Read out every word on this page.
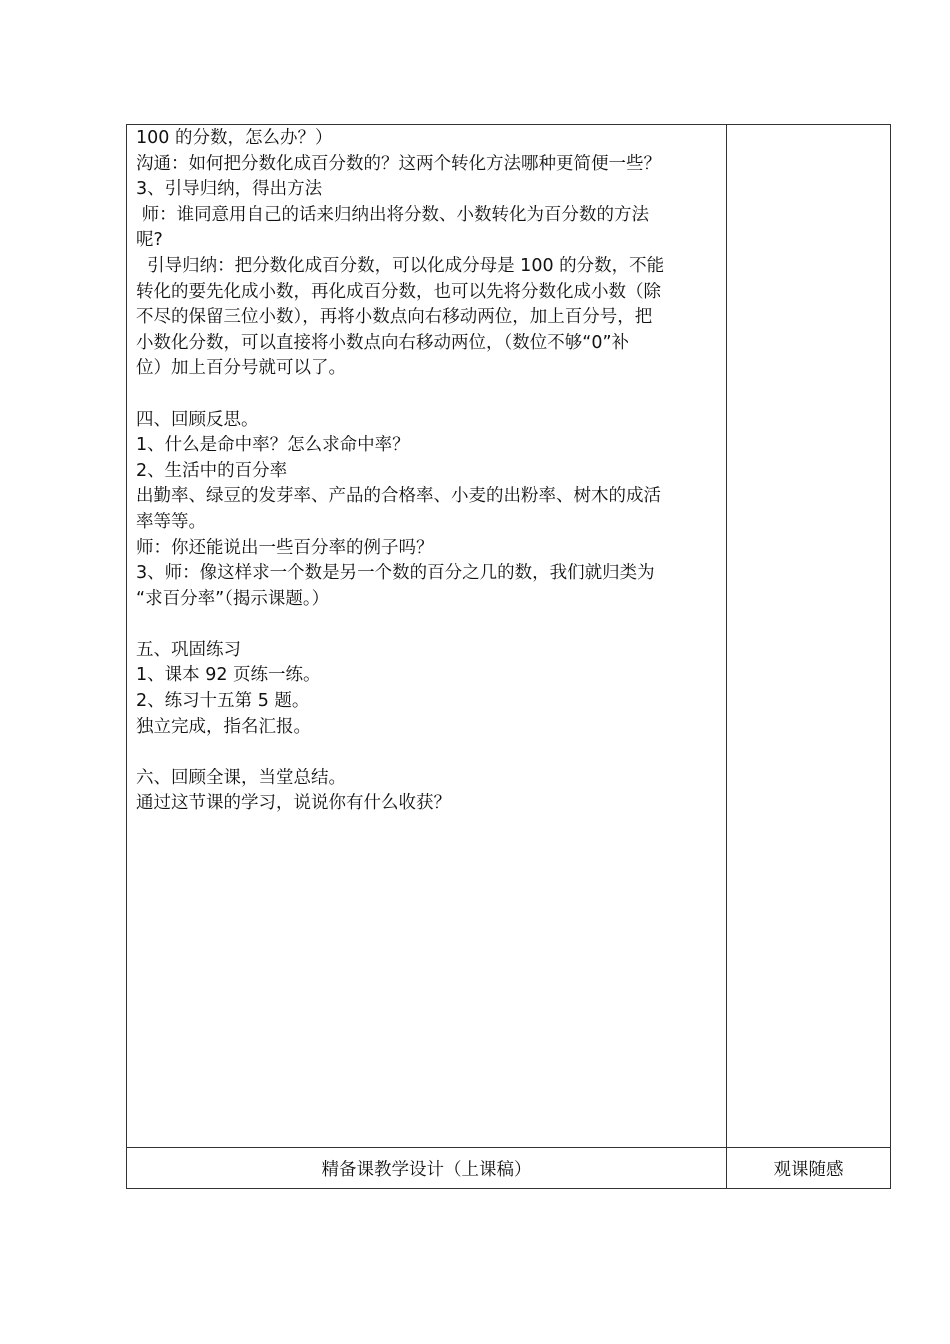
100 的分数，怎么办？）
沟通：如何把分数化成百分数的？这两个转化方法哪种更简便一些？
3、引导归纳，得出方法
师：谁同意用自己的话来归纳出将分数、小数转化为百分数的方法
呢?
引导归纳：把分数化成百分数，可以化成分母是 100 的分数，不能
转化的要先化成小数，再化成百分数，也可以先将分数化成小数（除
不尽的保留三位小数），再将小数点向右移动两位，加上百分号，把
小数化分数，可以直接将小数点向右移动两位，（数位不够“0”补
位）加上百分号就可以了。
四、回顾反思。
1、什么是命中率？怎么求命中率？
2、生活中的百分率
出勤率、绿豆的发芽率、产品的合格率、小麦的出粉率、树木的成活
率等等。
师：你还能说出一些百分率的例子吗？
3、师：像这样求一个数是另一个数的百分之几的数，我们就归类为
“求百分率”（揭示课题。）
五、巩固练习
1、课本 92 页练一练。
2、练习十五第 5 题。
独立完成，指名汇报。
六、回顾全课，当堂总结。
通过这节课的学习，说说你有什么收获？
精备课教学设计（上课稿）	观课随感
